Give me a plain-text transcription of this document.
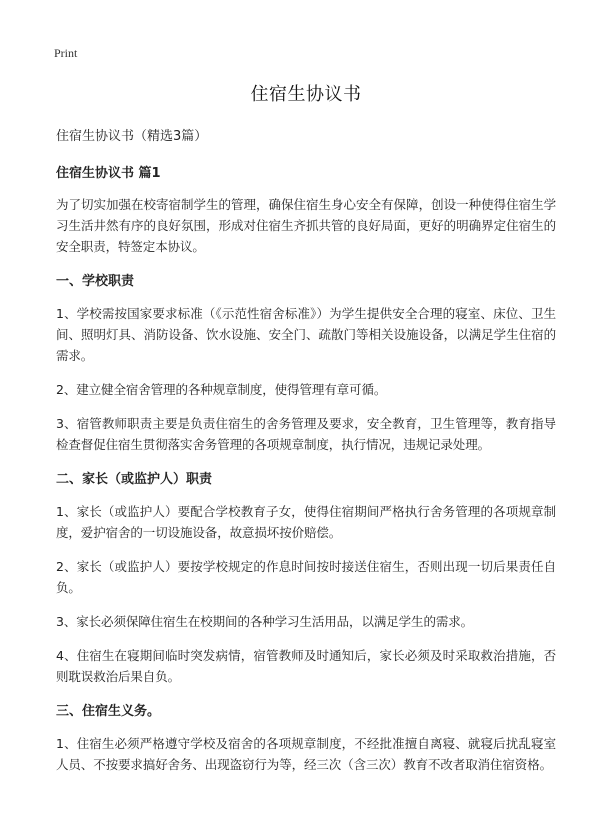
Print
住宿生协议书

住宿生协议书（精选3篇）

住宿生协议书 篇1

为了切实加强在校寄宿制学生的管理，确保住宿生身心安全有保障，创设一种使得住宿生学习生活井然有序的良好氛围，形成对住宿生齐抓共管的良好局面，更好的明确界定住宿生的安全职责，特签定本协议。

一、学校职责

1、学校需按国家要求标准（《示范性宿舍标准》）为学生提供安全合理的寝室、床位、卫生间、照明灯具、消防设备、饮水设施、安全门、疏散门等相关设施设备，以满足学生住宿的需求。

2、建立健全宿舍管理的各种规章制度，使得管理有章可循。

3、宿管教师职责主要是负责住宿生的舍务管理及要求，安全教育，卫生管理等，教育指导检查督促住宿生贯彻落实舍务管理的各项规章制度，执行情况，违规记录处理。

二、家长（或监护人）职责

1、家长（或监护人）要配合学校教育子女，使得住宿期间严格执行舍务管理的各项规章制度，爱护宿舍的一切设施设备，故意损坏按价赔偿。

2、家长（或监护人）要按学校规定的作息时间按时接送住宿生，否则出现一切后果责任自负。

3、家长必须保障住宿生在校期间的各种学习生活用品，以满足学生的需求。

4、住宿生在寝期间临时突发病情，宿管教师及时通知后，家长必须及时采取救治措施，否则耽误救治后果自负。

三、住宿生义务。

1、住宿生必须严格遵守学校及宿舍的各项规章制度，不经批准擅自离寝、就寝后扰乱寝室人员、不按要求搞好舍务、出现盗窃行为等，经三次（含三次）教育不改者取消住宿资格。
